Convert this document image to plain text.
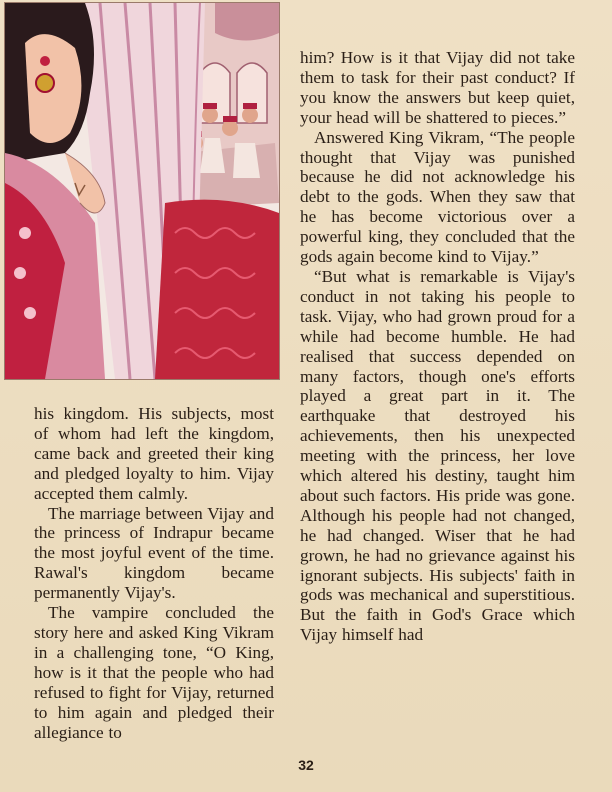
his kingdom. His subjects, most of whom had left the kingdom, came back and greeted their king and pledged loyalty to him. Vijay accepted them calmly.

The marriage between Vijay and the princess of Indrapur became the most joyful event of the time. Rawal's kingdom became permanently Vijay's.

The vampire concluded the story here and asked King Vikram in a challenging tone, “O King, how is it that the people who had refused to fight for Vijay, returned to him again and pledged their allegiance to

him? How is it that Vijay did not take them to task for their past conduct? If you know the answers but keep quiet, your head will be shattered to pieces.”

Answered King Vikram, “The people thought that Vijay was punished because he did not acknowledge his debt to the gods. When they saw that he has become victorious over a powerful king, they concluded that the gods again become kind to Vijay.”

“But what is remarkable is Vijay's conduct in not taking his people to task. Vijay, who had grown proud for a while had become humble. He had realised that success depended on many factors, though one's efforts played a great part in it. The earthquake that destroyed his achievements, then his unexpected meeting with the princess, her love which altered his destiny, taught him about such factors. His pride was gone. Although his people had not changed, he had changed. Wiser that he had grown, he had no grievance against his ignorant subjects. His subjects' faith in gods was mechanical and superstitious. But the faith in God's Grace which Vijay himself had

32
